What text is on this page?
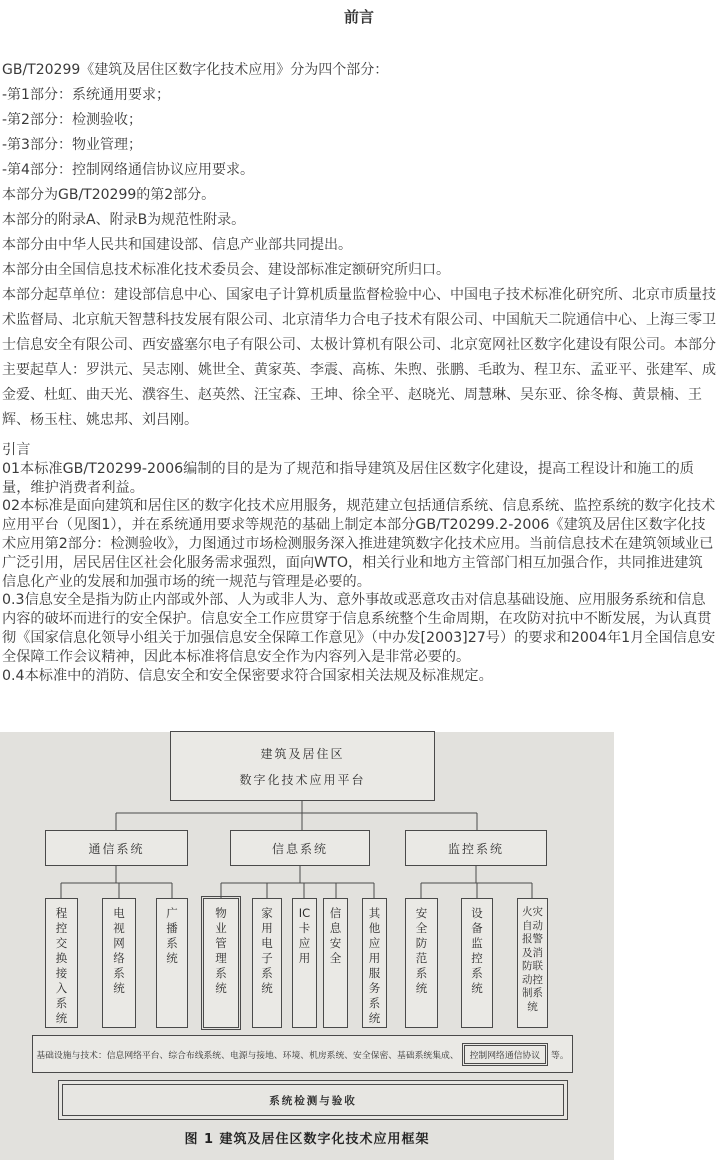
前言

GB/T20299《建筑及居住区数字化技术应用》分为四个部分：

-第1部分：系统通用要求；

-第2部分：检测验收；

-第3部分：物业管理；

-第4部分：控制网络通信协议应用要求。

本部分为GB/T20299的第2部分。

本部分的附录A、附录B为规范性附录。

本部分由中华人民共和国建设部、信息产业部共同提出。

本部分由全国信息技术标准化技术委员会、建设部标准定额研究所归口。

本部分起草单位：建设部信息中心、国家电子计算机质量监督检验中心、中国电子技术标准化研究所、北京市质量技术监督局、北京航天智慧科技发展有限公司、北京清华力合电子技术有限公司、中国航天二院通信中心、上海三零卫士信息安全有限公司、西安盛塞尔电子有限公司、太极计算机有限公司、北京宽网社区数字化建设有限公司。本部分主要起草人：罗洪元、吴志刚、姚世全、黄家英、李震、高栋、朱煦、张鹏、毛敢为、程卫东、孟亚平、张建军、成金爱、杜虹、曲天光、濮容生、赵英然、汪宝森、王坤、徐全平、赵晓光、周慧琳、吴东亚、徐冬梅、黄景楠、王辉、杨玉柱、姚忠邦、刘吕刚。

引言

01本标准GB/T20299-2006编制的目的是为了规范和指导建筑及居住区数字化建设，提高工程设计和施工的质量，维护消费者利益。

02本标准是面向建筑和居住区的数字化技术应用服务，规范建立包括通信系统、信息系统、监控系统的数字化技术应用平台（见图1），并在系统通用要求等规范的基础上制定本部分GB/T20299.2-2006《建筑及居住区数字化技术应用第2部分：检测验收》，力图通过市场检测服务深入推进建筑数字化技术应用。当前信息技术在建筑领域业已广泛引用，居民居住区社会化服务需求强烈，面向WTO，相关行业和地方主管部门相互加强合作，共同推进建筑信息化产业的发展和加强市场的统一规范与管理是必要的。

0.3信息安全是指为防止内部或外部、人为或非人为、意外事故或恶意攻击对信息基础设施、应用服务系统和信息内容的破坏而进行的安全保护。信息安全工作应贯穿于信息系统整个生命周期，在攻防对抗中不断发展，为认真贯彻《国家信息化领导小组关于加强信息安全保障工作意见》（中办发[2003]27号）的要求和2004年1月全国信息安全保障工作会议精神，因此本标准将信息安全作为内容列入是非常必要的。

0.4本标准中的消防、信息安全和安全保密要求符合国家相关法规及标准规定。

建筑及居住区
数字化技术应用平台
通信系统	信息系统	监控系统
程控交换接入系统
电视网络系统
广播系统
物业管理系统
家用电子系统
IC卡应用
信息安全
其他应用服务系统
安全防范系统
设备监控系统
火灾自动报警及消防联动控制系统
基础设施与技术：信息网络平台、综合布线系统、电源与接地、环境、机房系统、安全保密、基础系统集成、	控制网络通信协议	等。
系统检测与验收
图 1 建筑及居住区数字化技术应用框架
